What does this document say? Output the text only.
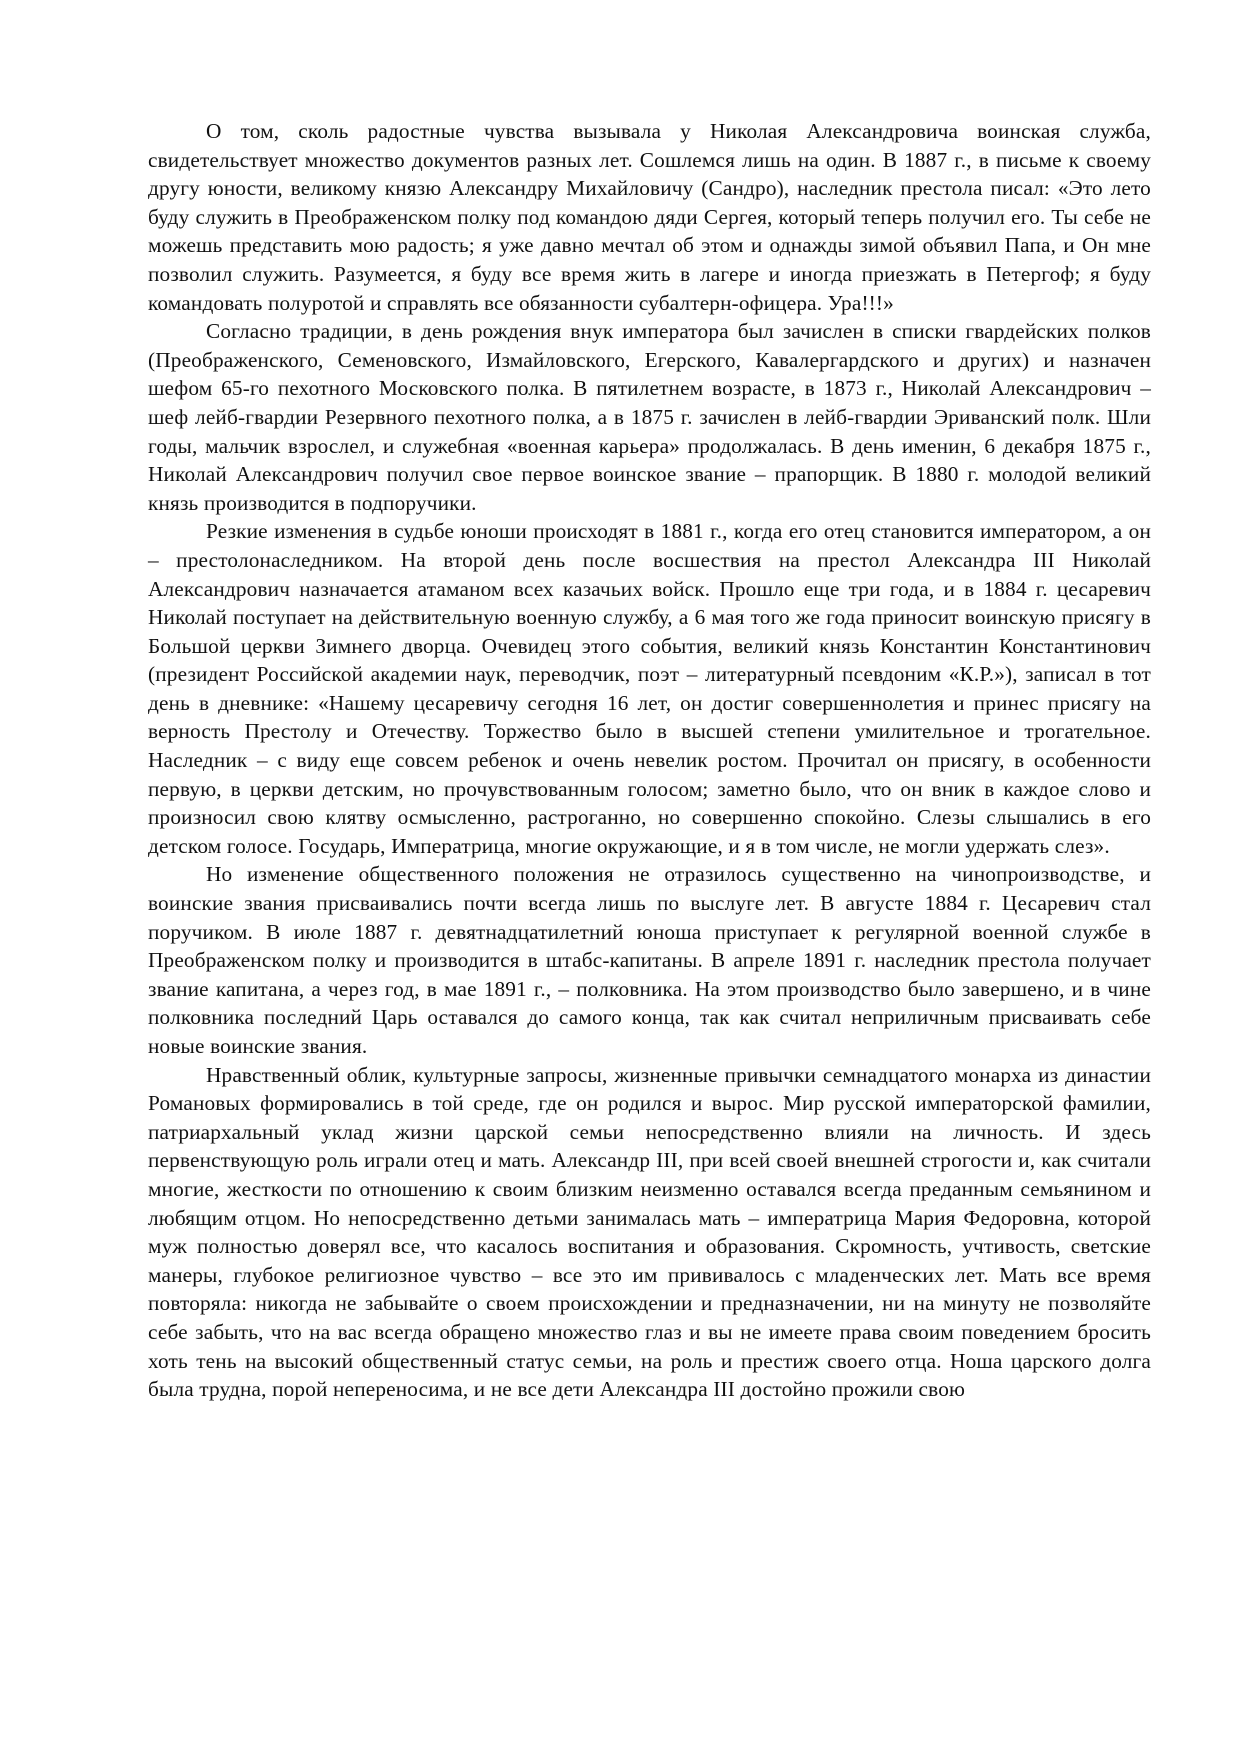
О том, сколь радостные чувства вызывала у Николая Александровича воинская служба, свидетельствует множество документов разных лет. Сошлемся лишь на один. В 1887 г., в письме к своему другу юности, великому князю Александру Михайловичу (Сандро), наследник престола писал: «Это лето буду служить в Преображенском полку под командою дяди Сергея, который теперь получил его. Ты себе не можешь представить мою радость; я уже давно мечтал об этом и однажды зимой объявил Папа, и Он мне позволил служить. Разумеется, я буду все время жить в лагере и иногда приезжать в Петергоф; я буду командовать полуротой и справлять все обязанности субалтерн-офицера. Ура!!!»

Согласно традиции, в день рождения внук императора был зачислен в списки гвардейских полков (Преображенского, Семеновского, Измайловского, Егерского, Кавалергардского и других) и назначен шефом 65-го пехотного Московского полка. В пятилетнем возрасте, в 1873 г., Николай Александрович – шеф лейб-гвардии Резервного пехотного полка, а в 1875 г. зачислен в лейб-гвардии Эриванский полк. Шли годы, мальчик взрослел, и служебная «военная карьера» продолжалась. В день именин, 6 декабря 1875 г., Николай Александрович получил свое первое воинское звание – прапорщик. В 1880 г. молодой великий князь производится в подпоручики.

Резкие изменения в судьбе юноши происходят в 1881 г., когда его отец становится императором, а он – престолонаследником. На второй день после восшествия на престол Александра III Николай Александрович назначается атаманом всех казачьих войск. Прошло еще три года, и в 1884 г. цесаревич Николай поступает на действительную военную службу, а 6 мая того же года приносит воинскую присягу в Большой церкви Зимнего дворца. Очевидец этого события, великий князь Константин Константинович (президент Российской академии наук, переводчик, поэт – литературный псевдоним «К.Р.»), записал в тот день в дневнике: «Нашему цесаревичу сегодня 16 лет, он достиг совершеннолетия и принес присягу на верность Престолу и Отечеству. Торжество было в высшей степени умилительное и трогательное. Наследник – с виду еще совсем ребенок и очень невелик ростом. Прочитал он присягу, в особенности первую, в церкви детским, но прочувствованным голосом; заметно было, что он вник в каждое слово и произносил свою клятву осмысленно, растроганно, но совершенно спокойно. Слезы слышались в его детском голосе. Государь, Императрица, многие окружающие, и я в том числе, не могли удержать слез».

Но изменение общественного положения не отразилось существенно на чинопроизводстве, и воинские звания присваивались почти всегда лишь по выслуге лет. В августе 1884 г. Цесаревич стал поручиком. В июле 1887 г. девятнадцатилетний юноша приступает к регулярной военной службе в Преображенском полку и производится в штабс-капитаны. В апреле 1891 г. наследник престола получает звание капитана, а через год, в мае 1891 г., – полковника. На этом производство было завершено, и в чине полковника последний Царь оставался до самого конца, так как считал неприличным присваивать себе новые воинские звания.

Нравственный облик, культурные запросы, жизненные привычки семнадцатого монарха из династии Романовых формировались в той среде, где он родился и вырос. Мир русской императорской фамилии, патриархальный уклад жизни царской семьи непосредственно влияли на личность. И здесь первенствующую роль играли отец и мать. Александр III, при всей своей внешней строгости и, как считали многие, жесткости по отношению к своим близким неизменно оставался всегда преданным семьянином и любящим отцом. Но непосредственно детьми занималась мать – императрица Мария Федоровна, которой муж полностью доверял все, что касалось воспитания и образования. Скромность, учтивость, светские манеры, глубокое религиозное чувство – все это им прививалось с младенческих лет. Мать все время повторяла: никогда не забывайте о своем происхождении и предназначении, ни на минуту не позволяйте себе забыть, что на вас всегда обращено множество глаз и вы не имеете права своим поведением бросить хоть тень на высокий общественный статус семьи, на роль и престиж своего отца. Ноша царского долга была трудна, порой непереносима, и не все дети Александра III достойно прожили свою
